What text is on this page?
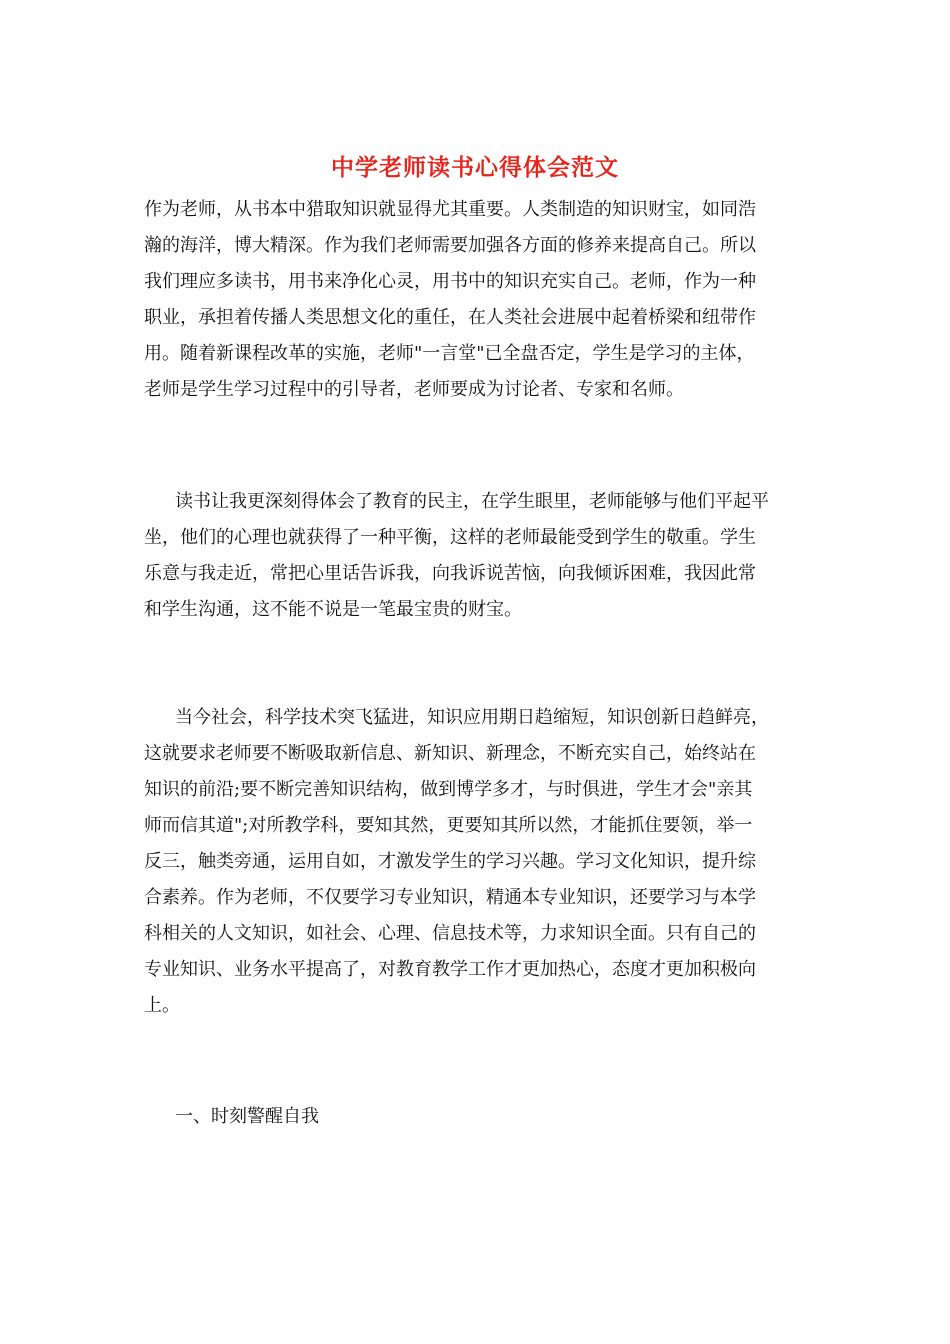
中学老师读书心得体会范文
作为老师，从书本中猎取知识就显得尤其重要。人类制造的知识财宝，如同浩
瀚的海洋，博大精深。作为我们老师需要加强各方面的修养来提高自己。所以
我们理应多读书，用书来净化心灵，用书中的知识充实自己。老师，作为一种
职业，承担着传播人类思想文化的重任，在人类社会进展中起着桥梁和纽带作
用。随着新课程改革的实施，老师"一言堂"已全盘否定，学生是学习的主体，
老师是学生学习过程中的引导者，老师要成为讨论者、专家和名师。
读书让我更深刻得体会了教育的民主，在学生眼里，老师能够与他们平起平
坐，他们的心理也就获得了一种平衡，这样的老师最能受到学生的敬重。学生
乐意与我走近，常把心里话告诉我，向我诉说苦恼，向我倾诉困难，我因此常
和学生沟通，这不能不说是一笔最宝贵的财宝。
当今社会，科学技术突飞猛进，知识应用期日趋缩短，知识创新日趋鲜亮，
这就要求老师要不断吸取新信息、新知识、新理念，不断充实自己，始终站在
知识的前沿;要不断完善知识结构，做到博学多才，与时俱进，学生才会"亲其
师而信其道";对所教学科，要知其然，更要知其所以然，才能抓住要领，举一
反三，触类旁通，运用自如，才激发学生的学习兴趣。学习文化知识，提升综
合素养。作为老师，不仅要学习专业知识，精通本专业知识，还要学习与本学
科相关的人文知识，如社会、心理、信息技术等，力求知识全面。只有自己的
专业知识、业务水平提高了，对教育教学工作才更加热心，态度才更加积极向
上。
一、时刻警醒自我
